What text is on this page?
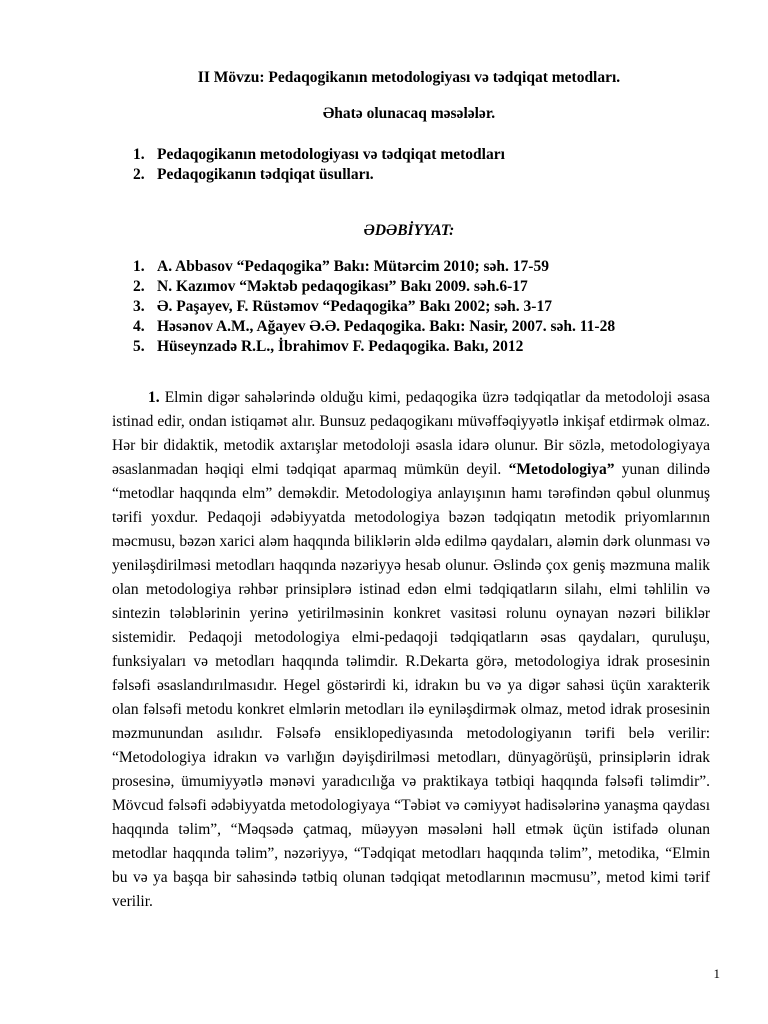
II Mövzu: Pedaqogikanın metodologiyası və tədqiqat metodları.
Əhatə olunacaq məsələlər.
1. Pedaqogikanın metodologiyası və tədqiqat metodları
2. Pedaqogikanın tədqiqat üsulları.
ƏDƏBİYYAT:
1. A. Abbasov “Pedaqogika” Bakı: Mütərcim 2010; səh. 17-59
2. N. Kazımov “Məktəb pedaqogikası” Bakı 2009. səh.6-17
3. Ə. Paşayev, F. Rüstəmov “Pedaqogika” Bakı 2002; səh. 3-17
4. Həsənov A.M., Ağayev Ə.Ə. Pedaqogika. Bakı: Nasir, 2007. səh. 11-28
5. Hüseynzadə R.L., İbrahimov F. Pedaqogika. Bakı, 2012

1. Elmin digər sahələrində olduğu kimi, pedaqogika üzrə tədqiqatlar da metodoloji əsasa istinad edir, ondan istiqamət alır. Bunsuz pedaqogikanı müvəffəqiyyətlə inkişaf etdirmək olmaz. Hər bir didaktik, metodik axtarışlar metodoloji əsasla idarə olunur. Bir sözlə, metodologiyaya əsaslanmadan həqiqi elmi tədqiqat aparmaq mümkün deyil. “Metodologiya” yunan dilində “metodlar haqqında elm” deməkdir. Metodologiya anlayışının hamı tərəfindən qəbul olunmuş tərifi yoxdur. Pedaqoji ədəbiyyatda metodologiya bəzən tədqiqatın metodik priyomlarının məcmusu, bəzən xarici aləm haqqında biliklərin əldə edilmə qaydaları, aləmin dərk olunması və yeniləşdirilməsi metodları haqqında nəzəriyyə hesab olunur. Əslində çox geniş məzmuna malik olan metodologiya rəhbər prinsiplərə istinad edən elmi tədqiqatların silahı, elmi təhlilin və sintezin tələblərinin yerinə yetirilməsinin konkret vasitəsi rolunu oynayan nəzəri biliklər sistemidir. Pedaqoji metodologiya elmi-pedaqoji tədqiqatların əsas qaydaları, quruluşu, funksiyaları və metodları haqqında təlimdir. R.Dekarta görə, metodologiya idrak prosesinin fəlsəfi əsaslandırılmasıdır. Hegel göstərirdi ki, idrakın bu və ya digər sahəsi üçün xarakterik olan fəlsəfi metodu konkret elmlərin metodları ilə eyniləşdirmək olmaz, metod idrak prosesinin məzmunundan asılıdır. Fəlsəfə ensiklopediyasında metodologiyanın tərifi belə verilir: “Metodologiya idrakın və varlığın dəyişdirilməsi metodları, dünyagörüşü, prinsiplərin idrak prosesinə, ümumiyyətlə mənəvi yaradıcılığa və praktikaya tətbiqi haqqında fəlsəfi təlimdir”. Mövcud fəlsəfi ədəbiyyatda metodologiyaya “Təbiət və cəmiyyət hadisələrinə yanaşma qaydası haqqında təlim”, “Məqsədə çatmaq, müəyyən məsələni həll etmək üçün istifadə olunan metodlar haqqında təlim”, nəzəriyyə, “Tədqiqat metodları haqqında təlim”, metodika, “Elmin bu və ya başqa bir sahəsində tətbiq olunan tədqiqat metodlarının məcmusu”, metod kimi tərif verilir.

1
